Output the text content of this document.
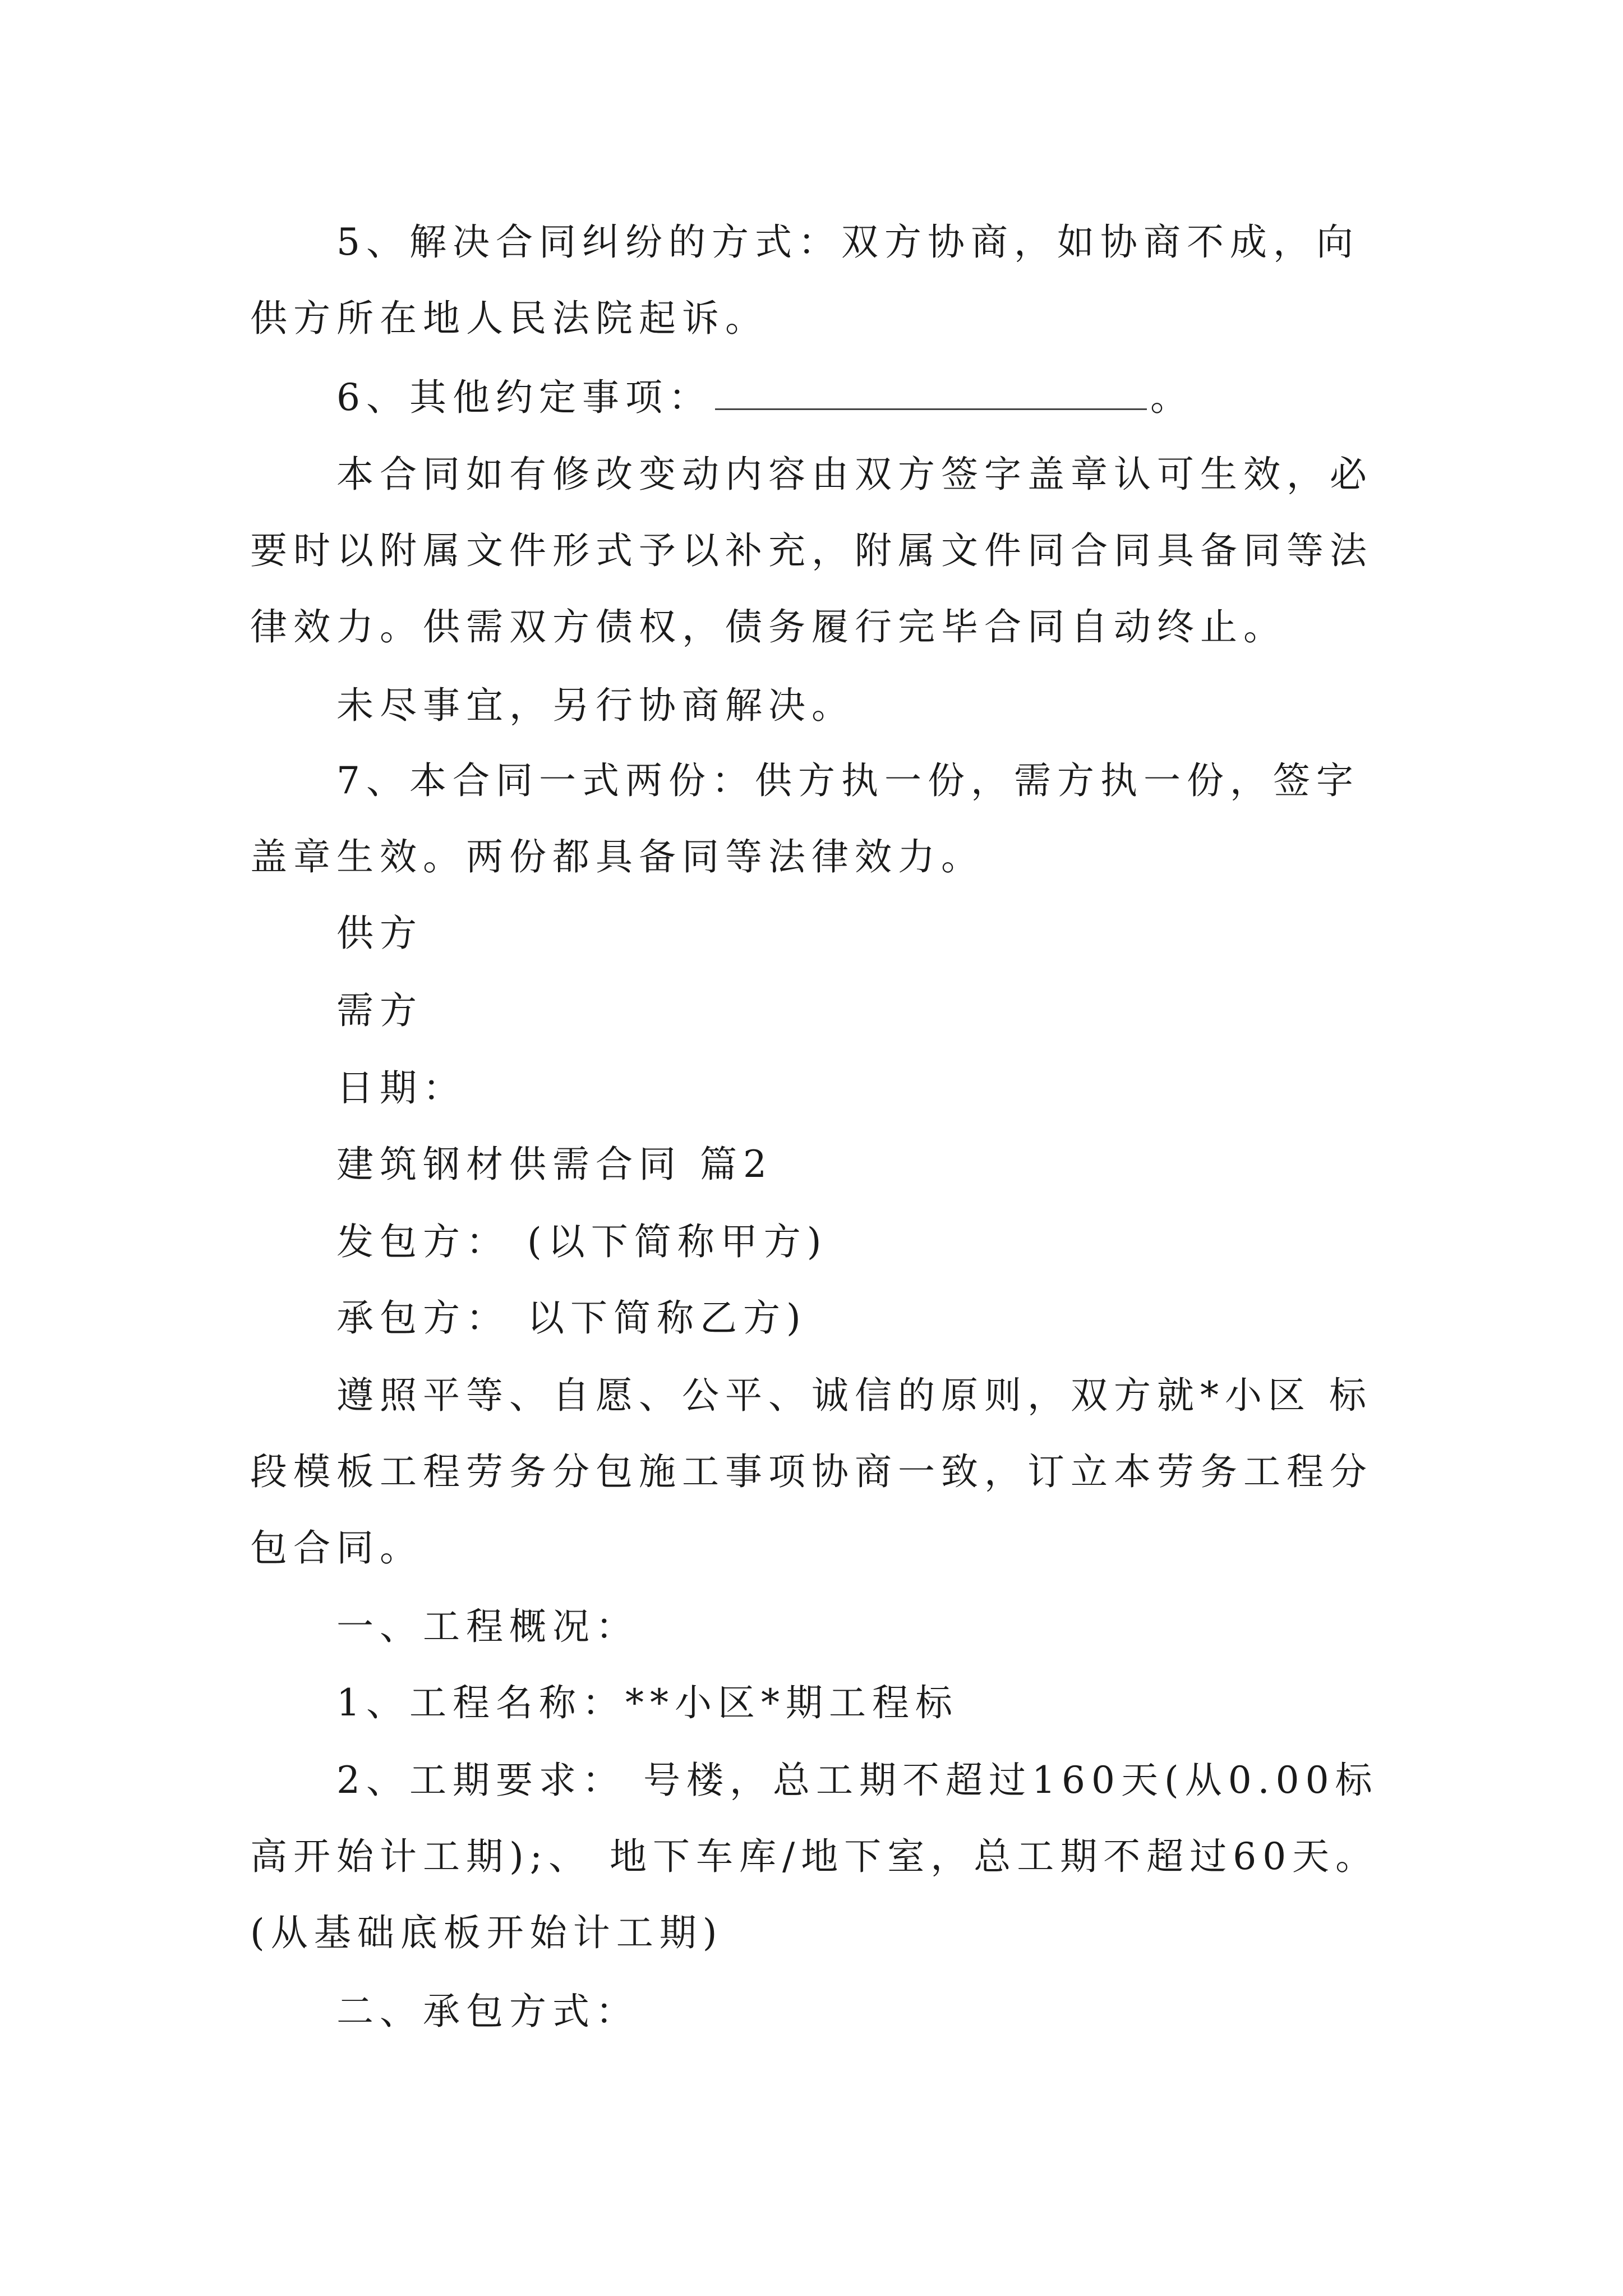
5、解决合同纠纷的方式：双方协商，如协商不成，向
供方所在地人民法院起诉。
6、其他约定事项：	。
本合同如有修改变动内容由双方签字盖章认可生效，必
要时以附属文件形式予以补充，附属文件同合同具备同等法
律效力。供需双方债权，债务履行完毕合同自动终止。
未尽事宜，另行协商解决。
7、本合同一式两份：供方执一份，需方执一份，签字
盖章生效。两份都具备同等法律效力。
供方
需方
日期：
建筑钢材供需合同 篇2
发包方： (以下简称甲方)
承包方： 以下简称乙方)
遵照平等、自愿、公平、诚信的原则，双方就*小区 标
段模板工程劳务分包施工事项协商一致，订立本劳务工程分
包合同。
一、工程概况：
1、工程名称：**小区*期工程标
2、工期要求： 号楼，总工期不超过160天(从0.00标
高开始计工期);、 地下车库/地下室，总工期不超过60天。
(从基础底板开始计工期)
二、承包方式：
